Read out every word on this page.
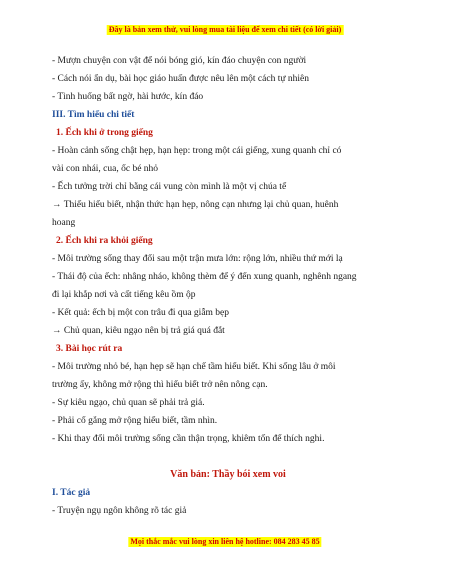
Đây là bản xem thử, vui lòng mua tài liệu để xem chi tiết (có lời giải)

- Mượn chuyện con vật để nói bóng gió, kín đáo chuyện con người

- Cách nói ẩn dụ, bài học giáo huấn được nêu lên một cách tự nhiên

- Tình huống bất ngờ, hài hước, kín đáo

III. Tìm hiểu chi tiết

1. Ếch khi ở trong giếng

- Hoàn cảnh sống chật hẹp, hạn hẹp: trong một cái giếng, xung quanh chỉ có

vài con nhái, cua, ốc bé nhỏ

- Ếch tưởng trời chỉ bằng cái vung còn mình là một vị chúa tể

→ Thiếu hiểu biết, nhận thức hạn hẹp, nông cạn nhưng lại chủ quan, huênh

hoang

2. Ếch khi ra khỏi giếng

- Môi trường sống thay đổi sau một trận mưa lớn: rộng lớn, nhiều thứ mới lạ

- Thái độ của ếch: nhâng nháo, không thèm để ý đến xung quanh, nghênh ngang

đi lại khắp nơi và cất tiếng kêu ồm ộp

- Kết quả: ếch bị một con trâu đi qua giẫm bẹp

→ Chủ quan, kiêu ngạo nên bị trả giá quá đắt

3. Bài học rút ra

- Môi trường nhỏ bé, hạn hẹp sẽ hạn chế tầm hiểu biết. Khi sống lâu ở môi

trường ấy, không mở rộng thì hiểu biết trở nên nông cạn.

- Sự kiêu ngạo, chủ quan sẽ phải trả giá.

- Phải cố gắng mở rộng hiểu biết, tầm nhìn.

- Khi thay đổi môi trường sống cần thận trọng, khiêm tốn để thích nghi.

Văn bản: Thầy bói xem voi

I. Tác giả

- Truyện ngụ ngôn không rõ tác giả

Mọi thắc mắc vui lòng xin liên hệ hotline: 084 283 45 85
